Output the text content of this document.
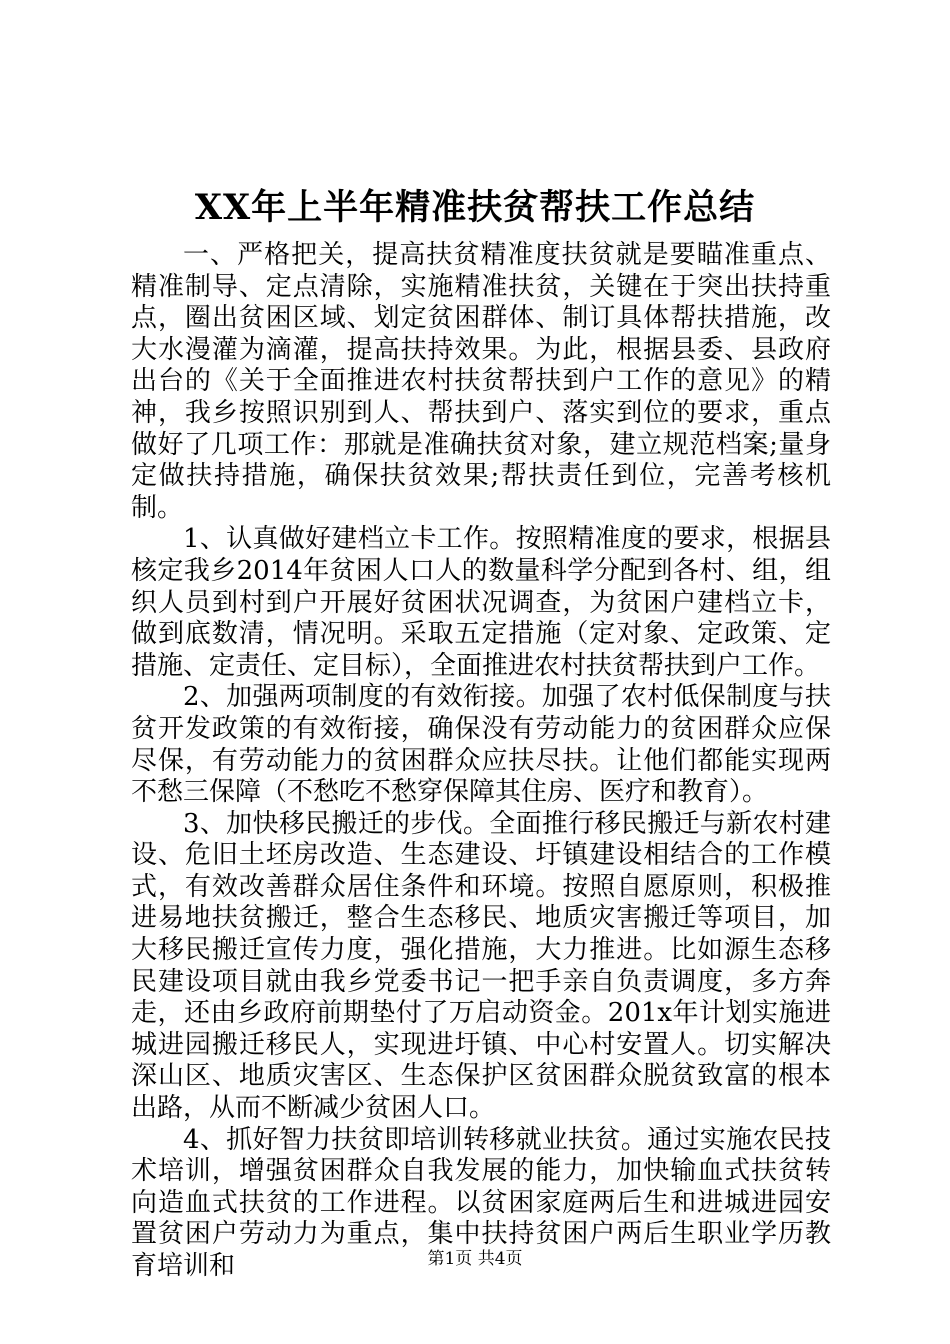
XX年上半年精准扶贫帮扶工作总结

一、严格把关，提高扶贫精准度扶贫就是要瞄准重点、精准制导、定点清除，实施精准扶贫，关键在于突出扶持重点，圈出贫困区域、划定贫困群体、制订具体帮扶措施，改大水漫灌为滴灌，提高扶持效果。为此，根据县委、县政府出台的《关于全面推进农村扶贫帮扶到户工作的意见》的精神，我乡按照识别到人、帮扶到户、落实到位的要求，重点做好了几项工作：那就是准确扶贫对象，建立规范档案;量身定做扶持措施，确保扶贫效果;帮扶责任到位，完善考核机制。

1、认真做好建档立卡工作。按照精准度的要求，根据县核定我乡2014年贫困人口人的数量科学分配到各村、组，组织人员到村到户开展好贫困状况调查，为贫困户建档立卡，做到底数清，情况明。采取五定措施（定对象、定政策、定措施、定责任、定目标），全面推进农村扶贫帮扶到户工作。

2、加强两项制度的有效衔接。加强了农村低保制度与扶贫开发政策的有效衔接，确保没有劳动能力的贫困群众应保尽保，有劳动能力的贫困群众应扶尽扶。让他们都能实现两不愁三保障（不愁吃不愁穿保障其住房、医疗和教育）。

3、加快移民搬迁的步伐。全面推行移民搬迁与新农村建设、危旧土坯房改造、生态建设、圩镇建设相结合的工作模式，有效改善群众居住条件和环境。按照自愿原则，积极推进易地扶贫搬迁，整合生态移民、地质灾害搬迁等项目，加大移民搬迁宣传力度，强化措施，大力推进。比如源生态移民建设项目就由我乡党委书记一把手亲自负责调度，多方奔走，还由乡政府前期垫付了万启动资金。201x年计划实施进城进园搬迁移民人，实现进圩镇、中心村安置人。切实解决深山区、地质灾害区、生态保护区贫困群众脱贫致富的根本出路，从而不断减少贫困人口。

4、抓好智力扶贫即培训转移就业扶贫。通过实施农民技术培训，增强贫困群众自我发展的能力，加快输血式扶贫转向造血式扶贫的工作进程。以贫困家庭两后生和进城进园安置贫困户劳动力为重点，集中扶持贫困户两后生职业学历教育培训和	第1页 共4页
